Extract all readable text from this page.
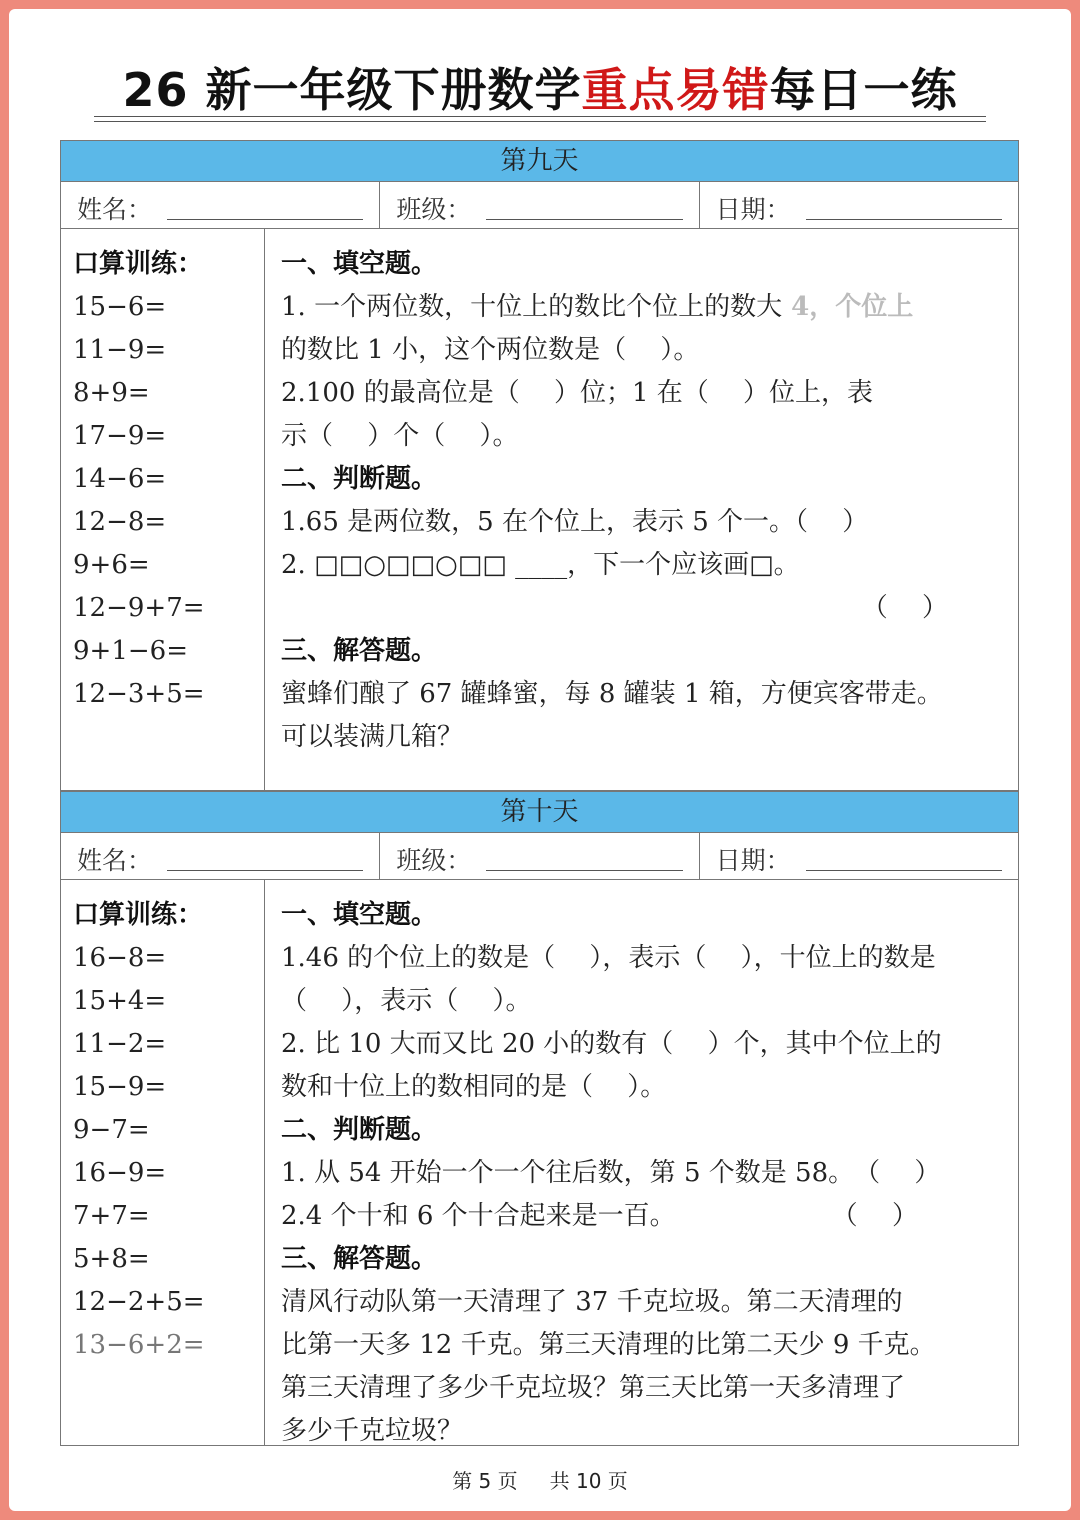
26 新一年级下册数学重点易错每日一练
第九天
姓名：	班级：	日期：
口算训练：
15−6=
11−9=
8+9=
17−9=
14−6=
12−8=
9+6=
12−9+7=
9+1−6=
12−3+5=
一、填空题。
1. 一个两位数，十位上的数比个位上的数大 4，个位上
的数比 1 小，这个两位数是（　 ）。
2.100 的最高位是（　 ）位；1 在（　 ）位上，表
示（　 ）个（　 ）。
二、判断题。
1.65 是两位数，5 在个位上，表示 5 个一。（　 ）
2. □□○□□○□□ ____，下一个应该画□。
（　 ）
三、解答题。
蜜蜂们酿了 67 罐蜂蜜，每 8 罐装 1 箱，方便宾客带走。
可以装满几箱？
第十天
姓名：	班级：	日期：
口算训练：
16−8=
15+4=
11−2=
15−9=
9−7=
16−9=
7+7=
5+8=
12−2+5=
13−6+2=
一、填空题。
1.46 的个位上的数是（　 ），表示（　 ），十位上的数是
（　 ），表示（　 ）。
2. 比 10 大而又比 20 小的数有（　 ）个，其中个位上的
数和十位上的数相同的是（　 ）。
二、判断题。
1. 从 54 开始一个一个往后数，第 5 个数是 58。　（　 ）
2.4 个十和 6 个十合起来是一百。　　　　　　　（　 ）
三、解答题。
清风行动队第一天清理了 37 千克垃圾。第二天清理的
比第一天多 12 千克。第三天清理的比第二天少 9 千克。
第三天清理了多少千克垃圾？第三天比第一天多清理了
多少千克垃圾？
第 5 页 共 10 页
